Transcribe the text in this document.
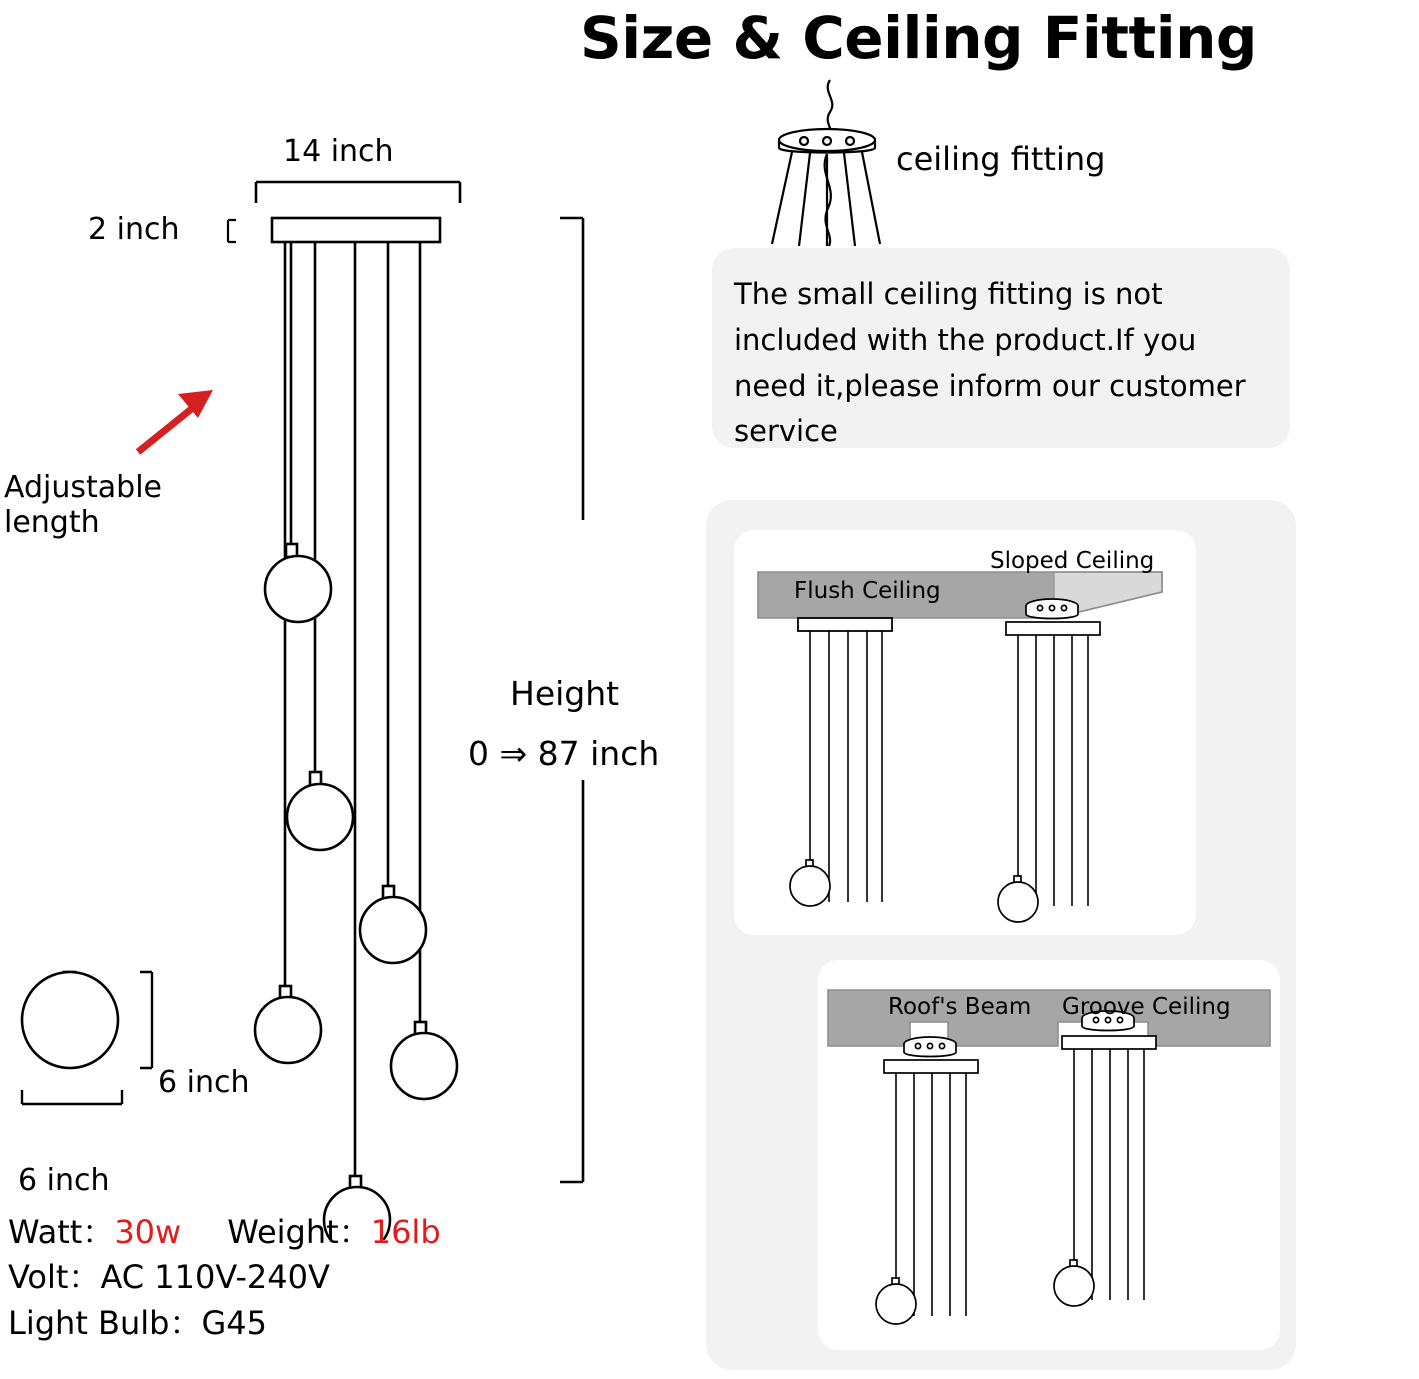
Size & Ceiling Fitting
14 inch
2 inch
Adjustable
length
Height
0 ⇒ 87 inch
6 inch
6 inch
Watt：30w Weight：16lb
Volt：AC 110V-240V
Light Bulb：G45
ceiling fitting

The small ceiling fitting is not included with the product.If you need it,please inform our customer service

Flush Ceiling
Sloped Ceiling
Roof's Beam Groove Ceiling
